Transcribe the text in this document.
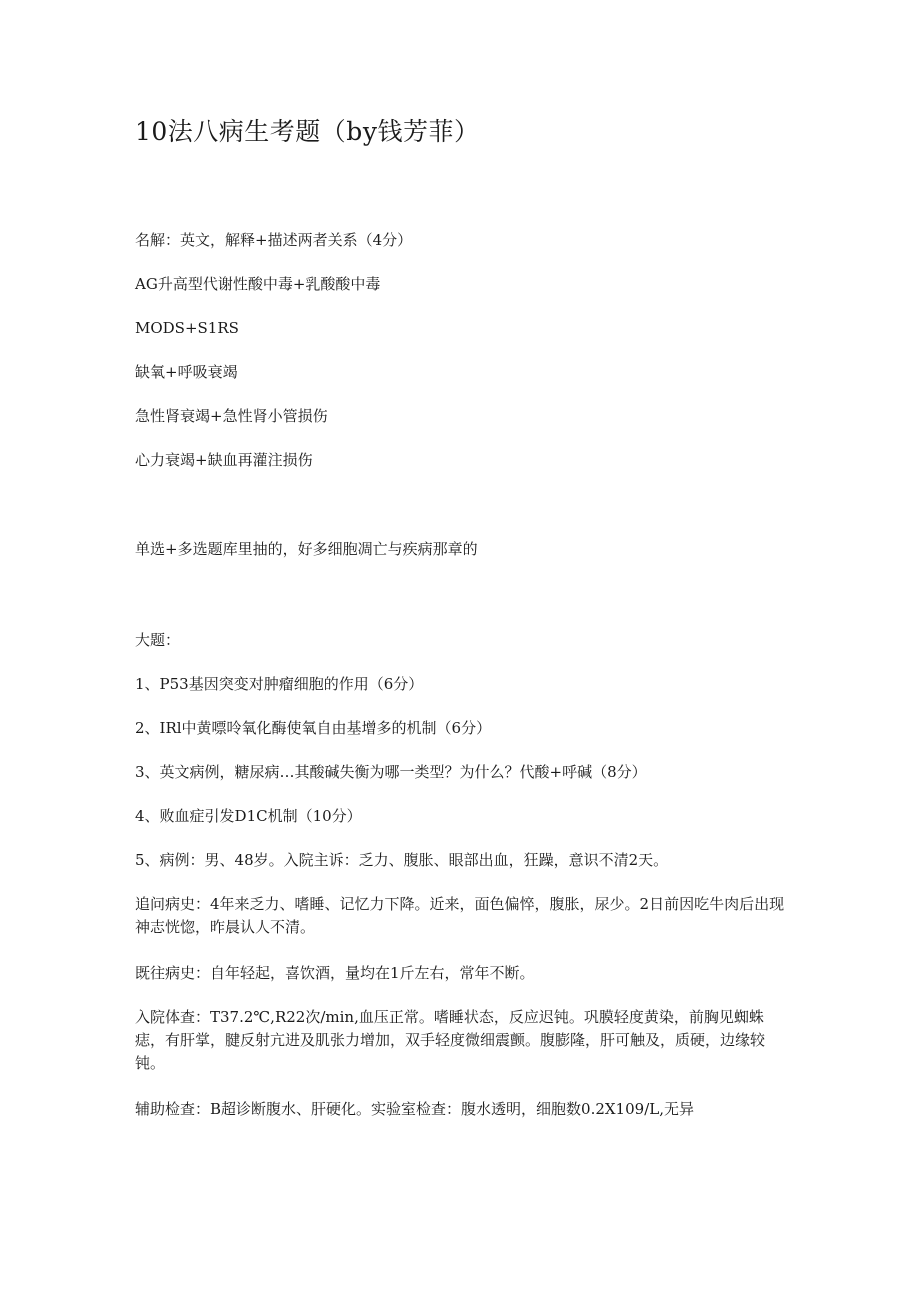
10法八病生考题（by钱芳菲）
名解：英文，解释+描述两者关系（4分）
AG升高型代谢性酸中毒+乳酸酸中毒
MODS+S1RS
缺氧+呼吸衰竭
急性肾衰竭+急性肾小管损伤
心力衰竭+缺血再灌注损伤
单选+多选题库里抽的，好多细胞凋亡与疾病那章的
大题：
1、P53基因突变对肿瘤细胞的作用（6分）
2、IRl中黄嘌呤氧化酶使氧自由基增多的机制（6分）
3、英文病例，糖尿病…其酸碱失衡为哪一类型？为什么？代酸+呼碱（8分）
4、败血症引发D1C机制（10分）
5、病例：男、48岁。入院主诉：乏力、腹胀、眼部出血，狂躁，意识不清2天。
追问病史：4年来乏力、嗜睡、记忆力下降。近来，面色偏悴，腹胀，尿少。2日前因吃牛肉后出现神志恍惚，昨晨认人不清。
既往病史：自年轻起，喜饮酒，量均在1斤左右，常年不断。
入院体查：T37.2℃,R22次/min,血压正常。嗜睡状态，反应迟钝。巩膜轻度黄染，前胸见蜘蛛痣，有肝掌，腱反射亢进及肌张力增加，双手轻度微细震颤。腹膨隆，肝可触及，质硬，边缘较钝。
辅助检查：B超诊断腹水、肝硬化。实验室检查：腹水透明，细胞数0.2X109/L,无异
